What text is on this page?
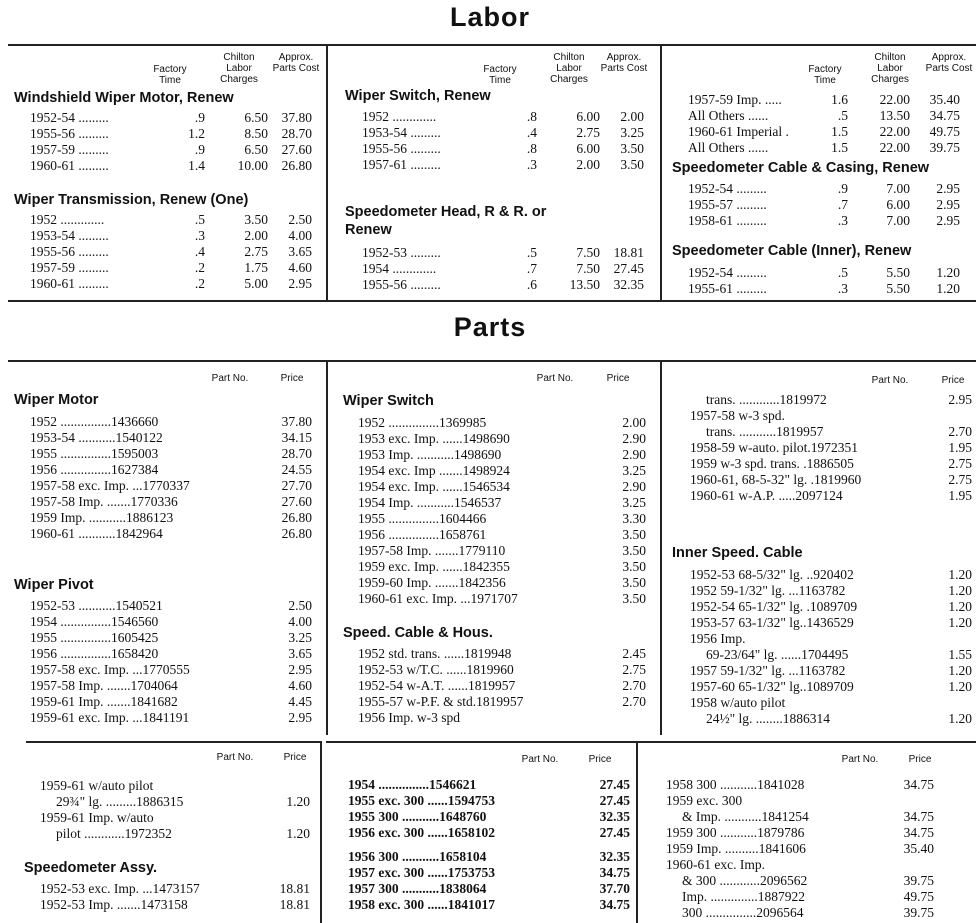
Labor
Factory Time
Chilton Labor Charges
Approx. Parts Cost	Factory Time
Chilton Labor Charges
Approx. Parts Cost	Factory Time
Chilton Labor Charges
Approx. Parts Cost
Windshield Wiper Motor, Renew
1952-54 .........	.9	6.50	37.80
1955-56 .........	1.2	8.50	28.70
1957-59 .........	.9	6.50	27.60
1960-61 .........	1.4	10.00	26.80
Wiper Transmission, Renew (One)
1952 .............	.5	3.50	2.50
1953-54 .........	.3	2.00	4.00
1955-56 .........	.4	2.75	3.65
1957-59 .........	.2	1.75	4.60
1960-61 .........	.2	5.00	2.95
Wiper Switch, Renew
1952 .............	.8	6.00	2.00
1953-54 .........	.4	2.75	3.25
1955-56 .........	.8	6.00	3.50
1957-61 .........	.3	2.00	3.50
Speedometer Head, R & R. or
Renew
1952-53 .........	.5	7.50	18.81
1954 .............	.7	7.50	27.45
1955-56 .........	.6	13.50	32.35
1957-59 Imp. .....	1.6	22.00	35.40
All Others ......	.5	13.50	34.75
1960-61 Imperial .	1.5	22.00	49.75
All Others ......	1.5	22.00	39.75
Speedometer Cable & Casing, Renew
1952-54 .........	.9	7.00	2.95
1955-57 .........	.7	6.00	2.95
1958-61 .........	.3	7.00	2.95
Speedometer Cable (Inner), Renew
1952-54 .........	.5	5.50	1.20
1955-61 .........	.3	5.50	1.20
Parts
Part No.	Price	Part No.	Price	Part No.	Price
Wiper Motor
1952 ...............1436660	37.80
1953-54 ...........1540122	34.15
1955 ...............1595003	28.70
1956 ...............1627384	24.55
1957-58 exc. Imp. ...1770337	27.70
1957-58 Imp. .......1770336	27.60
1959 Imp. ...........1886123	26.80
1960-61 ...........1842964	26.80
Wiper Pivot
1952-53 ...........1540521	2.50
1954 ...............1546560	4.00
1955 ...............1605425	3.25
1956 ...............1658420	3.65
1957-58 exc. Imp. ...1770555	2.95
1957-58 Imp. .......1704064	4.60
1959-61 Imp. .......1841682	4.45
1959-61 exc. Imp. ...1841191	2.95
Wiper Switch
1952 ...............1369985	2.00
1953 exc. Imp. ......1498690	2.90
1953 Imp. ...........1498690	2.90
1954 exc. Imp .......1498924	3.25
1954 exc. Imp. ......1546534	2.90
1954 Imp. ...........1546537	3.25
1955 ...............1604466	3.30
1956 ...............1658761	3.50
1957-58 Imp. .......1779110	3.50
1959 exc. Imp. ......1842355	3.50
1959-60 Imp. .......1842356	3.50
1960-61 exc. Imp. ...1971707	3.50
Speed. Cable & Hous.
1952 std. trans. ......1819948	2.45
1952-53 w/T.C. ......1819960	2.75
1952-54 w-A.T. ......1819957	2.70
1955-57 w-P.F. & std.1819957	2.70
1956 Imp. w-3 spd
trans. ............1819972	2.95
1957-58 w-3 spd.
trans. ...........1819957	2.70
1958-59 w-auto. pilot.1972351	1.95
1959 w-3 spd. trans. .1886505	2.75
1960-61, 68-5-32" lg. .1819960	2.75
1960-61 w-A.P. .....2097124	1.95
Inner Speed. Cable
1952-53 68-5/32" lg. ..920402	1.20
1952 59-1/32" lg. ...1163782	1.20
1952-54 65-1/32" lg. .1089709	1.20
1953-57 63-1/32" lg..1436529	1.20
1956 Imp.
69-23/64" lg. ......1704495	1.55
1957 59-1/32" lg. ...1163782	1.20
1957-60 65-1/32" lg..1089709	1.20
1958 w/auto pilot
24½" lg. ........1886314	1.20
Part No.	Price	Part No.	Price	Part No.	Price
1959-61 w/auto pilot
29¾" lg. .........1886315	1.20
1959-61 Imp. w/auto
pilot ............1972352	1.20
Speedometer Assy.
1952-53 exc. Imp. ...1473157	18.81
1952-53 Imp. .......1473158	18.81
1954 ...............1546621	27.45
1955 exc. 300 ......1594753	27.45
1955 300 ...........1648760	32.35
1956 exc. 300 ......1658102	27.45
1956 300 ...........1658104	32.35
1957 exc. 300 ......1753753	34.75
1957 300 ...........1838064	37.70
1958 exc. 300 ......1841017	34.75
1958 300 ...........1841028	34.75
1959 exc. 300
& Imp. ...........1841254	34.75
1959 300 ...........1879786	34.75
1959 Imp. ..........1841606	35.40
1960-61 exc. Imp.
& 300 ............2096562	39.75
Imp. ..............1887922	49.75
300 ...............2096564	39.75
